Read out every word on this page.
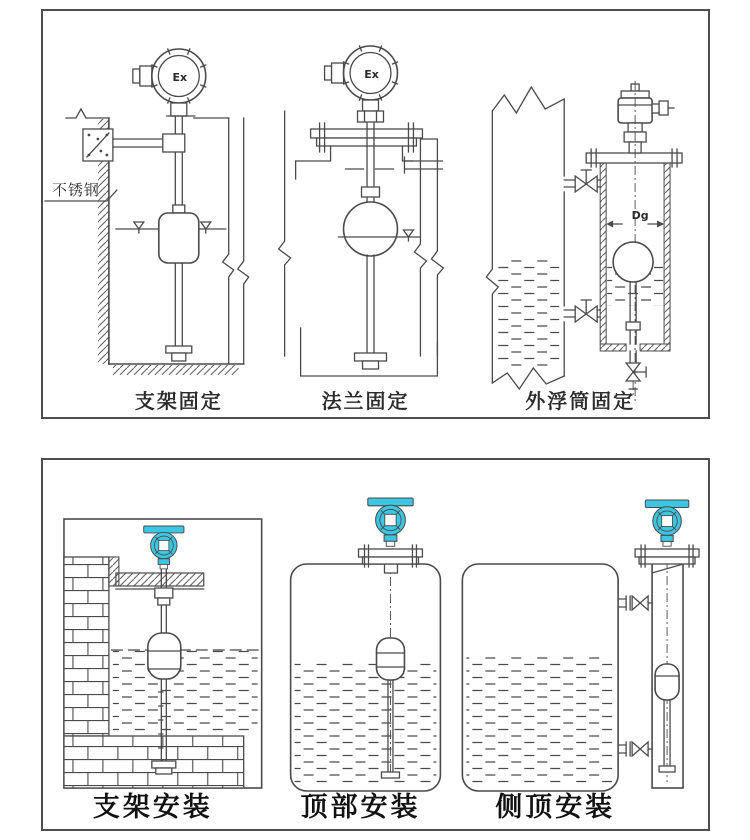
不锈钢
Ex
支架固定
Ex
法兰固定
Dg
外浮筒固定
支架安装	顶部安装	侧顶安装
